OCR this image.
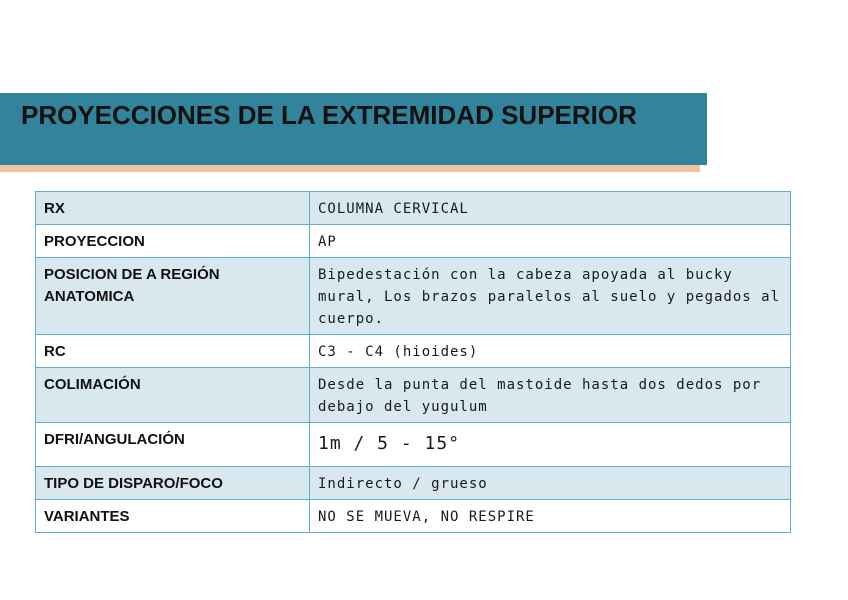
PROYECCIONES DE LA EXTREMIDAD SUPERIOR
RX	COLUMNA CERVICAL
PROYECCION	AP
POSICION DE A REGIÓN ANATOMICA	Bipedestación con la cabeza apoyada al bucky mural, Los brazos paralelos al suelo y pegados al cuerpo.
RC	C3 - C4 (hioides)
COLIMACIÓN	Desde la punta del mastoide hasta dos dedos por debajo del yugulum
DFRI/ANGULACIÓN	1m / 5 - 15°
TIPO DE DISPARO/FOCO	Indirecto / grueso
VARIANTES	NO SE MUEVA, NO RESPIRE
